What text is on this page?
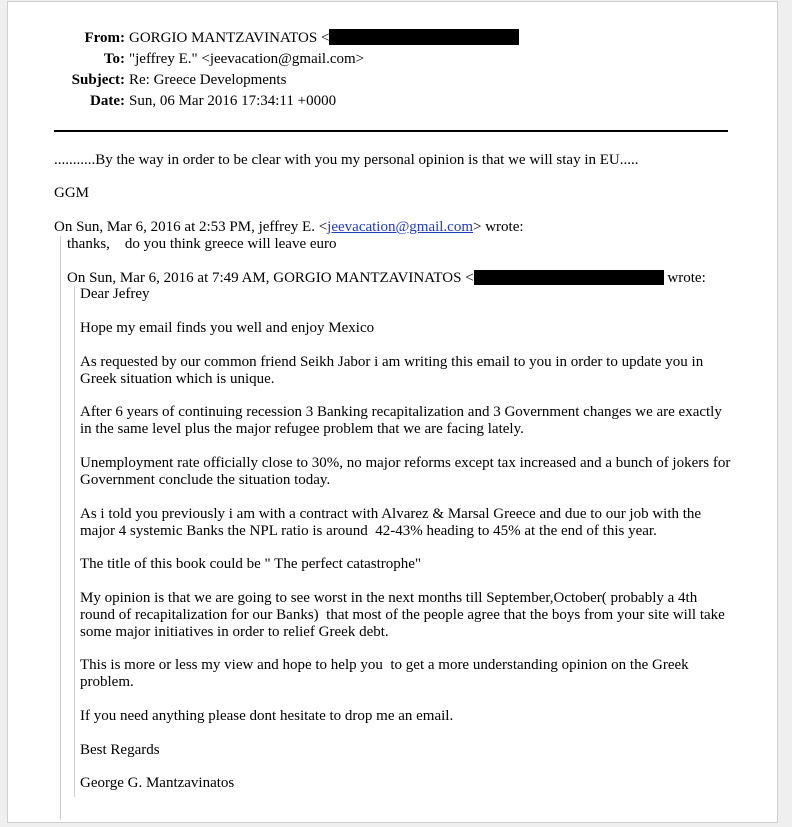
From: GORGIO MANTZAVINATOS <
To: "jeffrey E." <jeevacation@gmail.com>
Subject: Re: Greece Developments
Date: Sun, 06 Mar 2016 17:34:11 +0000
...........By the way in order to be clear with you my personal opinion is that we will stay in EU.....
GGM
On Sun, Mar 6, 2016 at 2:53 PM, jeffrey E. <jeevacation@gmail.com> wrote:
thanks,    do you think greece will leave euro
On Sun, Mar 6, 2016 at 7:49 AM, GORGIO MANTZAVINATOS <	wrote:
Dear Jefrey
Hope my email finds you well and enjoy Mexico
As requested by our common friend Seikh Jabor i am writing this email to you in order to update you in
Greek situation which is unique.
After 6 years of continuing recession 3 Banking recapitalization and 3 Government changes we are exactly
in the same level plus the major refugee problem that we are facing lately.
Unemployment rate officially close to 30%, no major reforms except tax increased and a bunch of jokers for
Government conclude the situation today.
As i told you previously i am with a contract with Alvarez & Marsal Greece and due to our job with the
major 4 systemic Banks the NPL ratio is around  42-43% heading to 45% at the end of this year.
The title of this book could be " The perfect catastrophe"
My opinion is that we are going to see worst in the next months till September,October( probably a 4th
round of recapitalization for our Banks)  that most of the people agree that the boys from your site will take
some major initiatives in order to relief Greek debt.
This is more or less my view and hope to help you  to get a more understanding opinion on the Greek
problem.
If you need anything please dont hesitate to drop me an email.
Best Regards
George G. Mantzavinatos
